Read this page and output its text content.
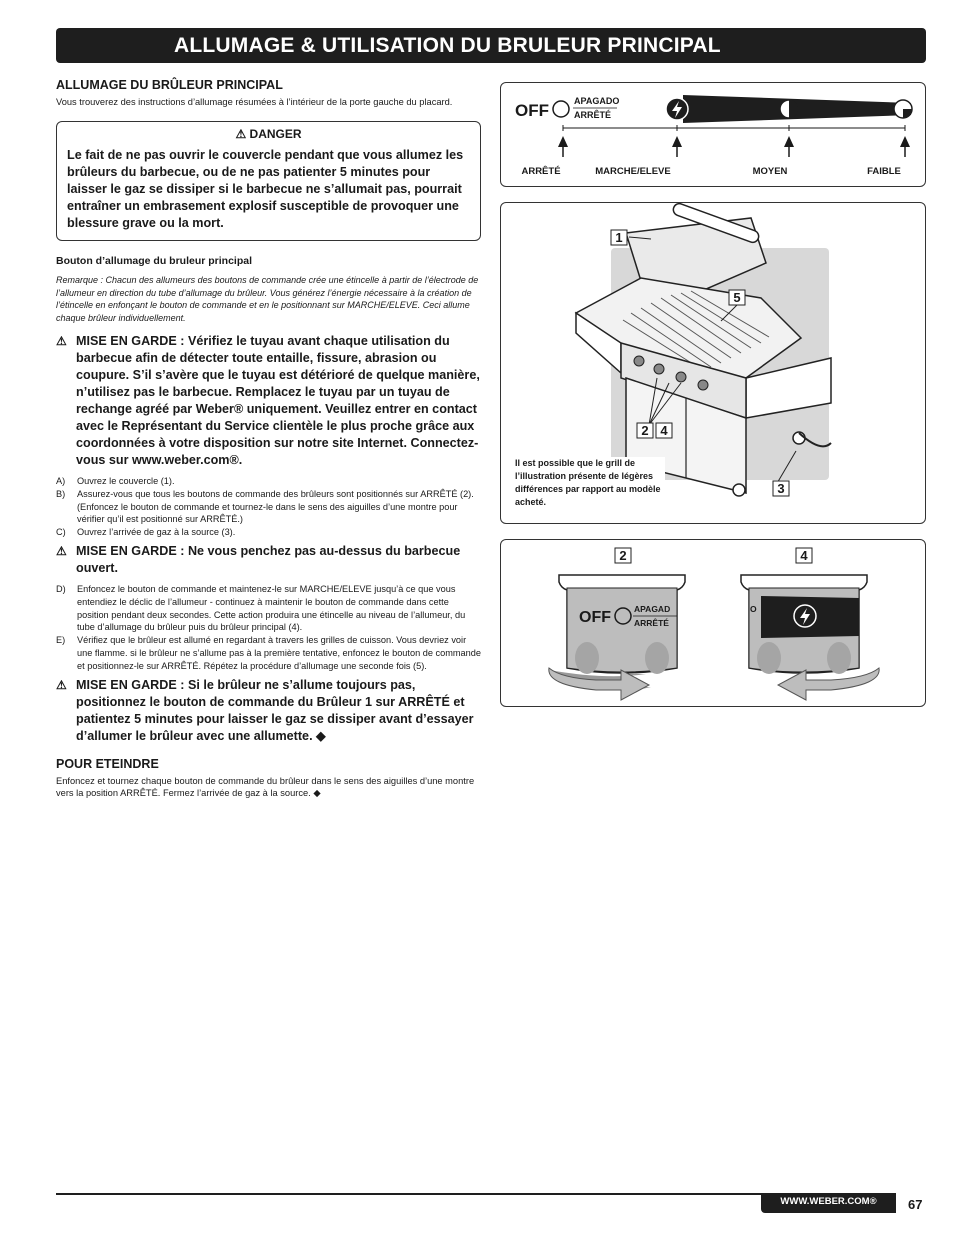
ALLUMAGE & UTILISATION DU BRULEUR PRINCIPAL
ALLUMAGE DU BRÛLEUR PRINCIPAL

Vous trouverez des instructions d’allumage résumées à l’intérieur de la porte gauche du placard.

⚠ DANGER
Le fait de ne pas ouvrir le couvercle pendant que vous allumez les brûleurs du barbecue, ou de ne pas patienter 5 minutes pour laisser le gaz se dissiper si le barbecue ne s’allumait pas, pourrait entraîner un embrasement explosif susceptible de provoquer une blessure grave ou la mort.

Bouton d’allumage du bruleur principal

Remarque : Chacun des allumeurs des boutons de commande crée une étincelle à partir de l’électrode de l’allumeur en direction du tube d’allumage du brûleur. Vous générez l’énergie nécessaire à la création de l’étincelle en enfonçant le bouton de commande et en le positionnant sur MARCHE/ELEVE. Ceci allume chaque brûleur individuellement.

⚠ MISE EN GARDE : Vérifiez le tuyau avant chaque utilisation du barbecue afin de détecter toute entaille, fissure, abrasion ou coupure. S’il s’avère que le tuyau est détérioré de quelque manière, n’utilisez pas le barbecue. Remplacez le tuyau par un tuyau de rechange agréé par Weber® uniquement. Veuillez entrer en contact avec le Représentant du Service clientèle le plus proche grâce aux coordonnées à votre disposition sur notre site Internet. Connectez-vous sur www.weber.com®.
A)	Ouvrez le couvercle (1).
B)	Assurez-vous que tous les boutons de commande des brûleurs sont positionnés sur ARRÊTÉ (2). (Enfoncez le bouton de commande et tournez-le dans le sens des aiguilles d’une montre pour vérifier qu’il est positionné sur ARRÊTÉ.)
C)	Ouvrez l’arrivée de gaz à la source (3).
⚠ MISE EN GARDE : Ne vous penchez pas au-dessus du barbecue ouvert.
D)	Enfoncez le bouton de commande et maintenez-le sur MARCHE/ELEVE jusqu’à ce que vous entendiez le déclic de l’allumeur - continuez à maintenir le bouton de commande dans cette position pendant deux secondes. Cette action produira une étincelle au niveau de l’allumeur, du tube d’allumage du brûleur puis du brûleur principal (4).
E)	Vérifiez que le brûleur est allumé en regardant à travers les grilles de cuisson. Vous devriez voir une flamme. si le brûleur ne s’allume pas à la première tentative, enfoncez le bouton de commande et positionnez-le sur ARRÊTÉ. Répétez la procédure d’allumage une seconde fois (5).
⚠ MISE EN GARDE : Si le brûleur ne s’allume toujours pas, positionnez le bouton de commande du Brûleur 1 sur ARRÊTÉ et patientez 5 minutes pour laisser le gaz se dissiper avant d’essayer d’allumer le brûleur avec une allumette. ◆
POUR ETEINDRE

Enfoncez et tournez chaque bouton de commande du brûleur dans le sens des aiguilles d’une montre vers la position ARRÊTÉ. Fermez l’arrivée de gaz à la source. ◆

OFF	APAGADO
ARRÊTÉ
ARRÊTÉ	MARCHE/ELEVE	MOYEN	FAIBLE
1
5
2 4
3
Il est possible que le grill de l’illustration présente de légères différences par rapport au modèle acheté.
2	4
OFF	APAGAD
ARRÊTÉ
O
WWW.WEBER.COM®	67
